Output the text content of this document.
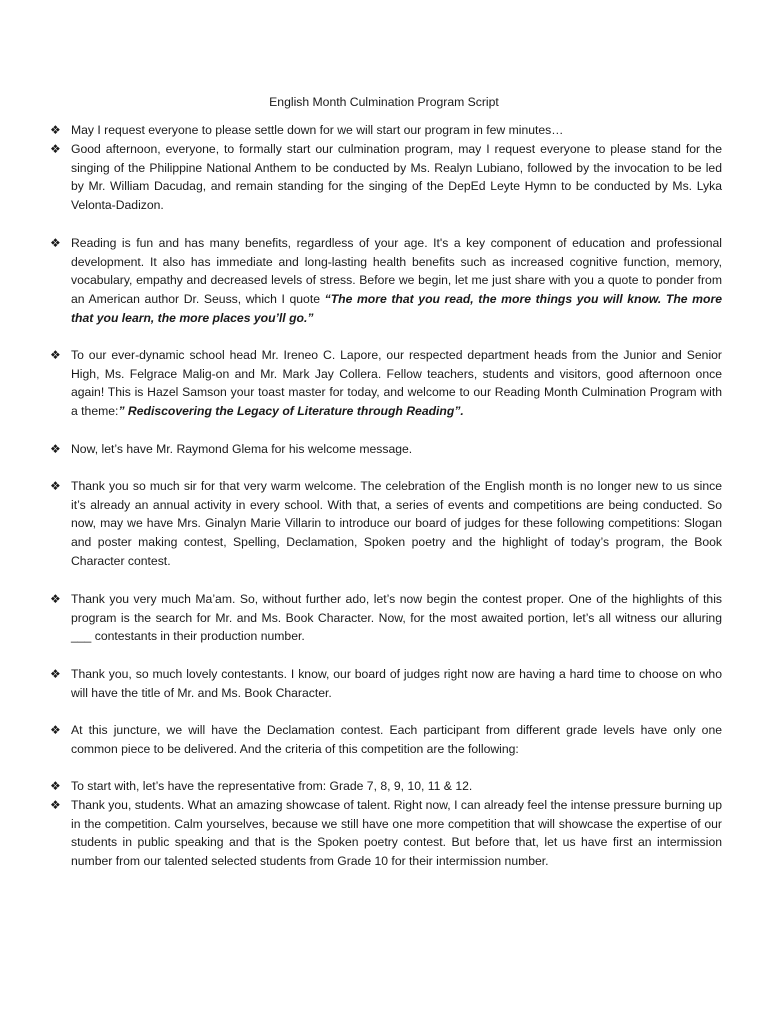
English Month Culmination Program Script
❖ May I request everyone to please settle down for we will start our program in few minutes…
❖ Good afternoon, everyone, to formally start our culmination program, may I request everyone to please stand for the singing of the Philippine National Anthem to be conducted by Ms. Realyn Lubiano, followed by the invocation to be led by Mr. William Dacudag, and remain standing for the singing of the DepEd Leyte Hymn to be conducted by Ms. Lyka Velonta-Dadizon.
❖ Reading is fun and has many benefits, regardless of your age. It's a key component of education and professional development. It also has immediate and long-lasting health benefits such as increased cognitive function, memory, vocabulary, empathy and decreased levels of stress. Before we begin, let me just share with you a quote to ponder from an American author Dr. Seuss, which I quote “The more that you read, the more things you will know. The more that you learn, the more places you’ll go.”
❖ To our ever-dynamic school head Mr. Ireneo C. Lapore, our respected department heads from the Junior and Senior High, Ms. Felgrace Malig-on and Mr. Mark Jay Collera. Fellow teachers, students and visitors, good afternoon once again! This is Hazel Samson your toast master for today, and welcome to our Reading Month Culmination Program with a theme:” Rediscovering the Legacy of Literature through Reading”.
❖ Now, let’s have Mr. Raymond Glema for his welcome message.
❖ Thank you so much sir for that very warm welcome. The celebration of the English month is no longer new to us since it’s already an annual activity in every school. With that, a series of events and competitions are being conducted. So now, may we have Mrs. Ginalyn Marie Villarin to introduce our board of judges for these following competitions: Slogan and poster making contest, Spelling, Declamation, Spoken poetry and the highlight of today’s program, the Book Character contest.
❖ Thank you very much Ma’am. So, without further ado, let’s now begin the contest proper. One of the highlights of this program is the search for Mr. and Ms. Book Character. Now, for the most awaited portion, let’s all witness our alluring ___ contestants in their production number.
❖ Thank you, so much lovely contestants. I know, our board of judges right now are having a hard time to choose on who will have the title of Mr. and Ms. Book Character.
❖ At this juncture, we will have the Declamation contest. Each participant from different grade levels have only one common piece to be delivered. And the criteria of this competition are the following:
❖ To start with, let’s have the representative from: Grade 7, 8, 9, 10, 11 & 12.
❖ Thank you, students. What an amazing showcase of talent. Right now, I can already feel the intense pressure burning up in the competition. Calm yourselves, because we still have one more competition that will showcase the expertise of our students in public speaking and that is the Spoken poetry contest. But before that, let us have first an intermission number from our talented selected students from Grade 10 for their intermission number.
